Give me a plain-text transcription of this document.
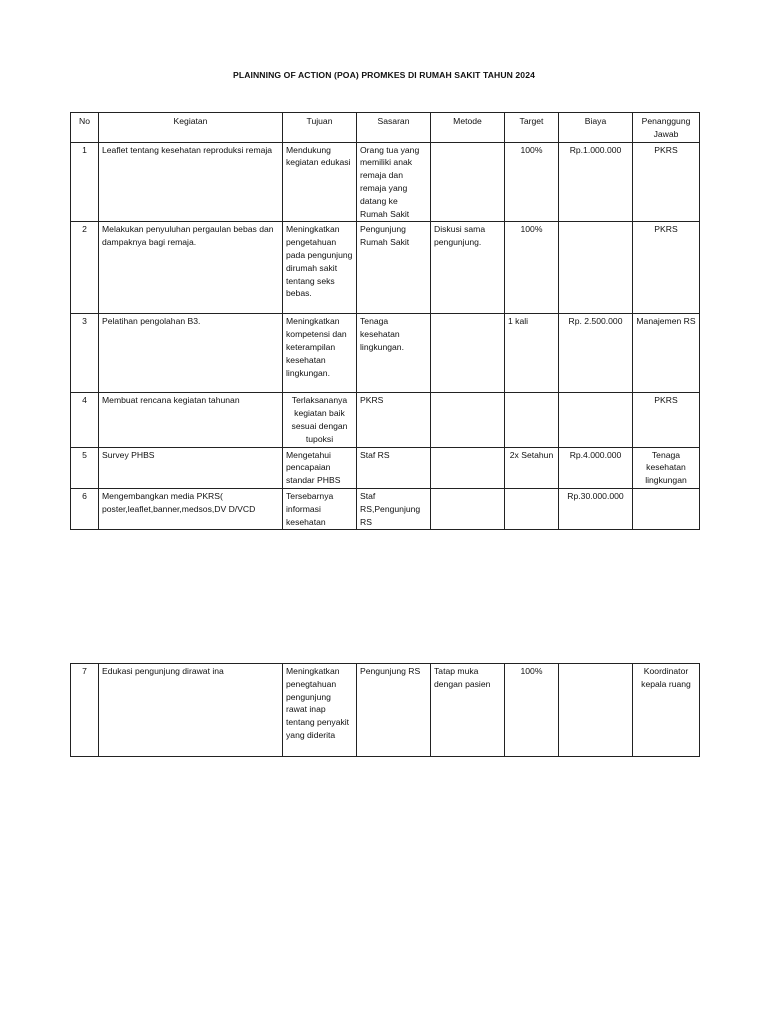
PLAINNING OF ACTION (POA) PROMKES DI RUMAH SAKIT TAHUN 2024
No	Kegiatan	Tujuan	Sasaran	Metode	Target	Biaya	Penanggung Jawab
1	Leaflet tentang kesehatan reproduksi remaja	Mendukung kegiatan edukasi	Orang tua yang memiliki anak remaja dan remaja yang datang ke Rumah Sakit		100%	Rp.1.000.000	PKRS
2	Melakukan penyuluhan pergaulan bebas dan dampaknya bagi remaja.	Meningkatkan pengetahuan pada pengunjung dirumah sakit tentang seks bebas.	Pengunjung Rumah Sakit	Diskusi sama pengunjung.	100%		PKRS
3	Pelatihan pengolahan B3.	Meningkatkan kompetensi dan keterampilan kesehatan lingkungan.	Tenaga kesehatan lingkungan.		1 kali	Rp. 2.500.000	Manajemen RS
4	Membuat rencana kegiatan tahunan	Terlaksananya kegiatan baik sesuai dengan tupoksi	PKRS				PKRS
5	Survey PHBS	Mengetahui pencapaian standar PHBS	Staf RS		2x Setahun	Rp.4.000.000	Tenaga kesehatan lingkungan
6	Mengembangkan media PKRS( poster,leaflet,banner,medsos,DV D/VCD	Tersebarnya informasi kesehatan	Staf RS,Pengunjung RS			Rp.30.000.000	
7	Edukasi pengunjung dirawat ina	Meningkatkan penegtahuan pengunjung rawat inap tentang penyakit yang diderita	Pengunjung RS	Tatap muka dengan pasien	100%		Koordinator kepala ruang
